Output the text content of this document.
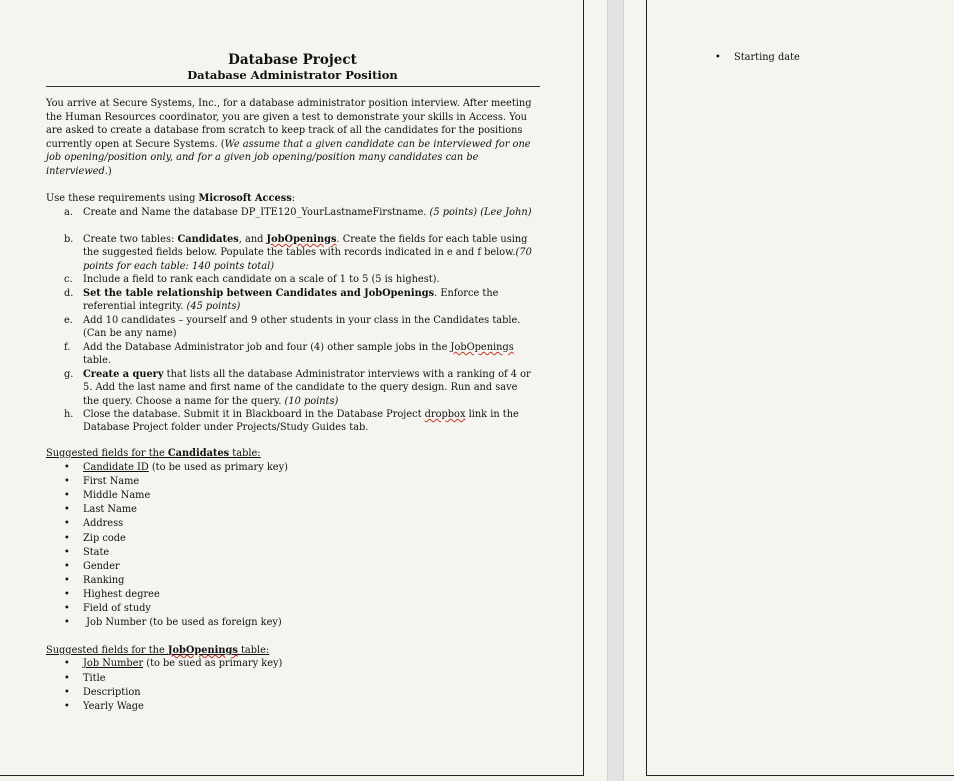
Database Project
Database Administrator Position
You arrive at Secure Systems, Inc., for a database administrator position interview. After meeting the Human Resources coordinator, you are given a test to demonstrate your skills in Access. You are asked to create a database from scratch to keep track of all the candidates for the positions currently open at Secure Systems. (We assume that a given candidate can be interviewed for one job opening/position only, and for a given job opening/position many candidates can be interviewed.)
Use these requirements using Microsoft Access:
a. Create and Name the database DP_ITE120_YourLastnameFirstname. (5 points) (Lee John)
b. Create two tables: Candidates, and JobOpenings. Create the fields for each table using the suggested fields below. Populate the tables with records indicated in e and f below.(70 points for each table: 140 points total)
c. Include a field to rank each candidate on a scale of 1 to 5 (5 is highest).
d. Set the table relationship between Candidates and JobOpenings. Enforce the referential integrity. (45 points)
e. Add 10 candidates – yourself and 9 other students in your class in the Candidates table. (Can be any name)
f. Add the Database Administrator job and four (4) other sample jobs in the JobOpenings table.
g. Create a query that lists all the database Administrator interviews with a ranking of 4 or 5. Add the last name and first name of the candidate to the query design. Run and save the query. Choose a name for the query. (10 points)
h. Close the database. Submit it in Blackboard in the Database Project dropbox link in the Database Project folder under Projects/Study Guides tab.
Suggested fields for the Candidates table:
• Candidate ID (to be used as primary key)
• First Name
• Middle Name
• Last Name
• Address
• Zip code
• State
• Gender
• Ranking
• Highest degree
• Field of study
• Job Number (to be used as foreign key)
Suggested fields for the JobOpenings table:
• Job Number (to be sued as primary key)
• Title
• Description
• Yearly Wage
• Starting date
